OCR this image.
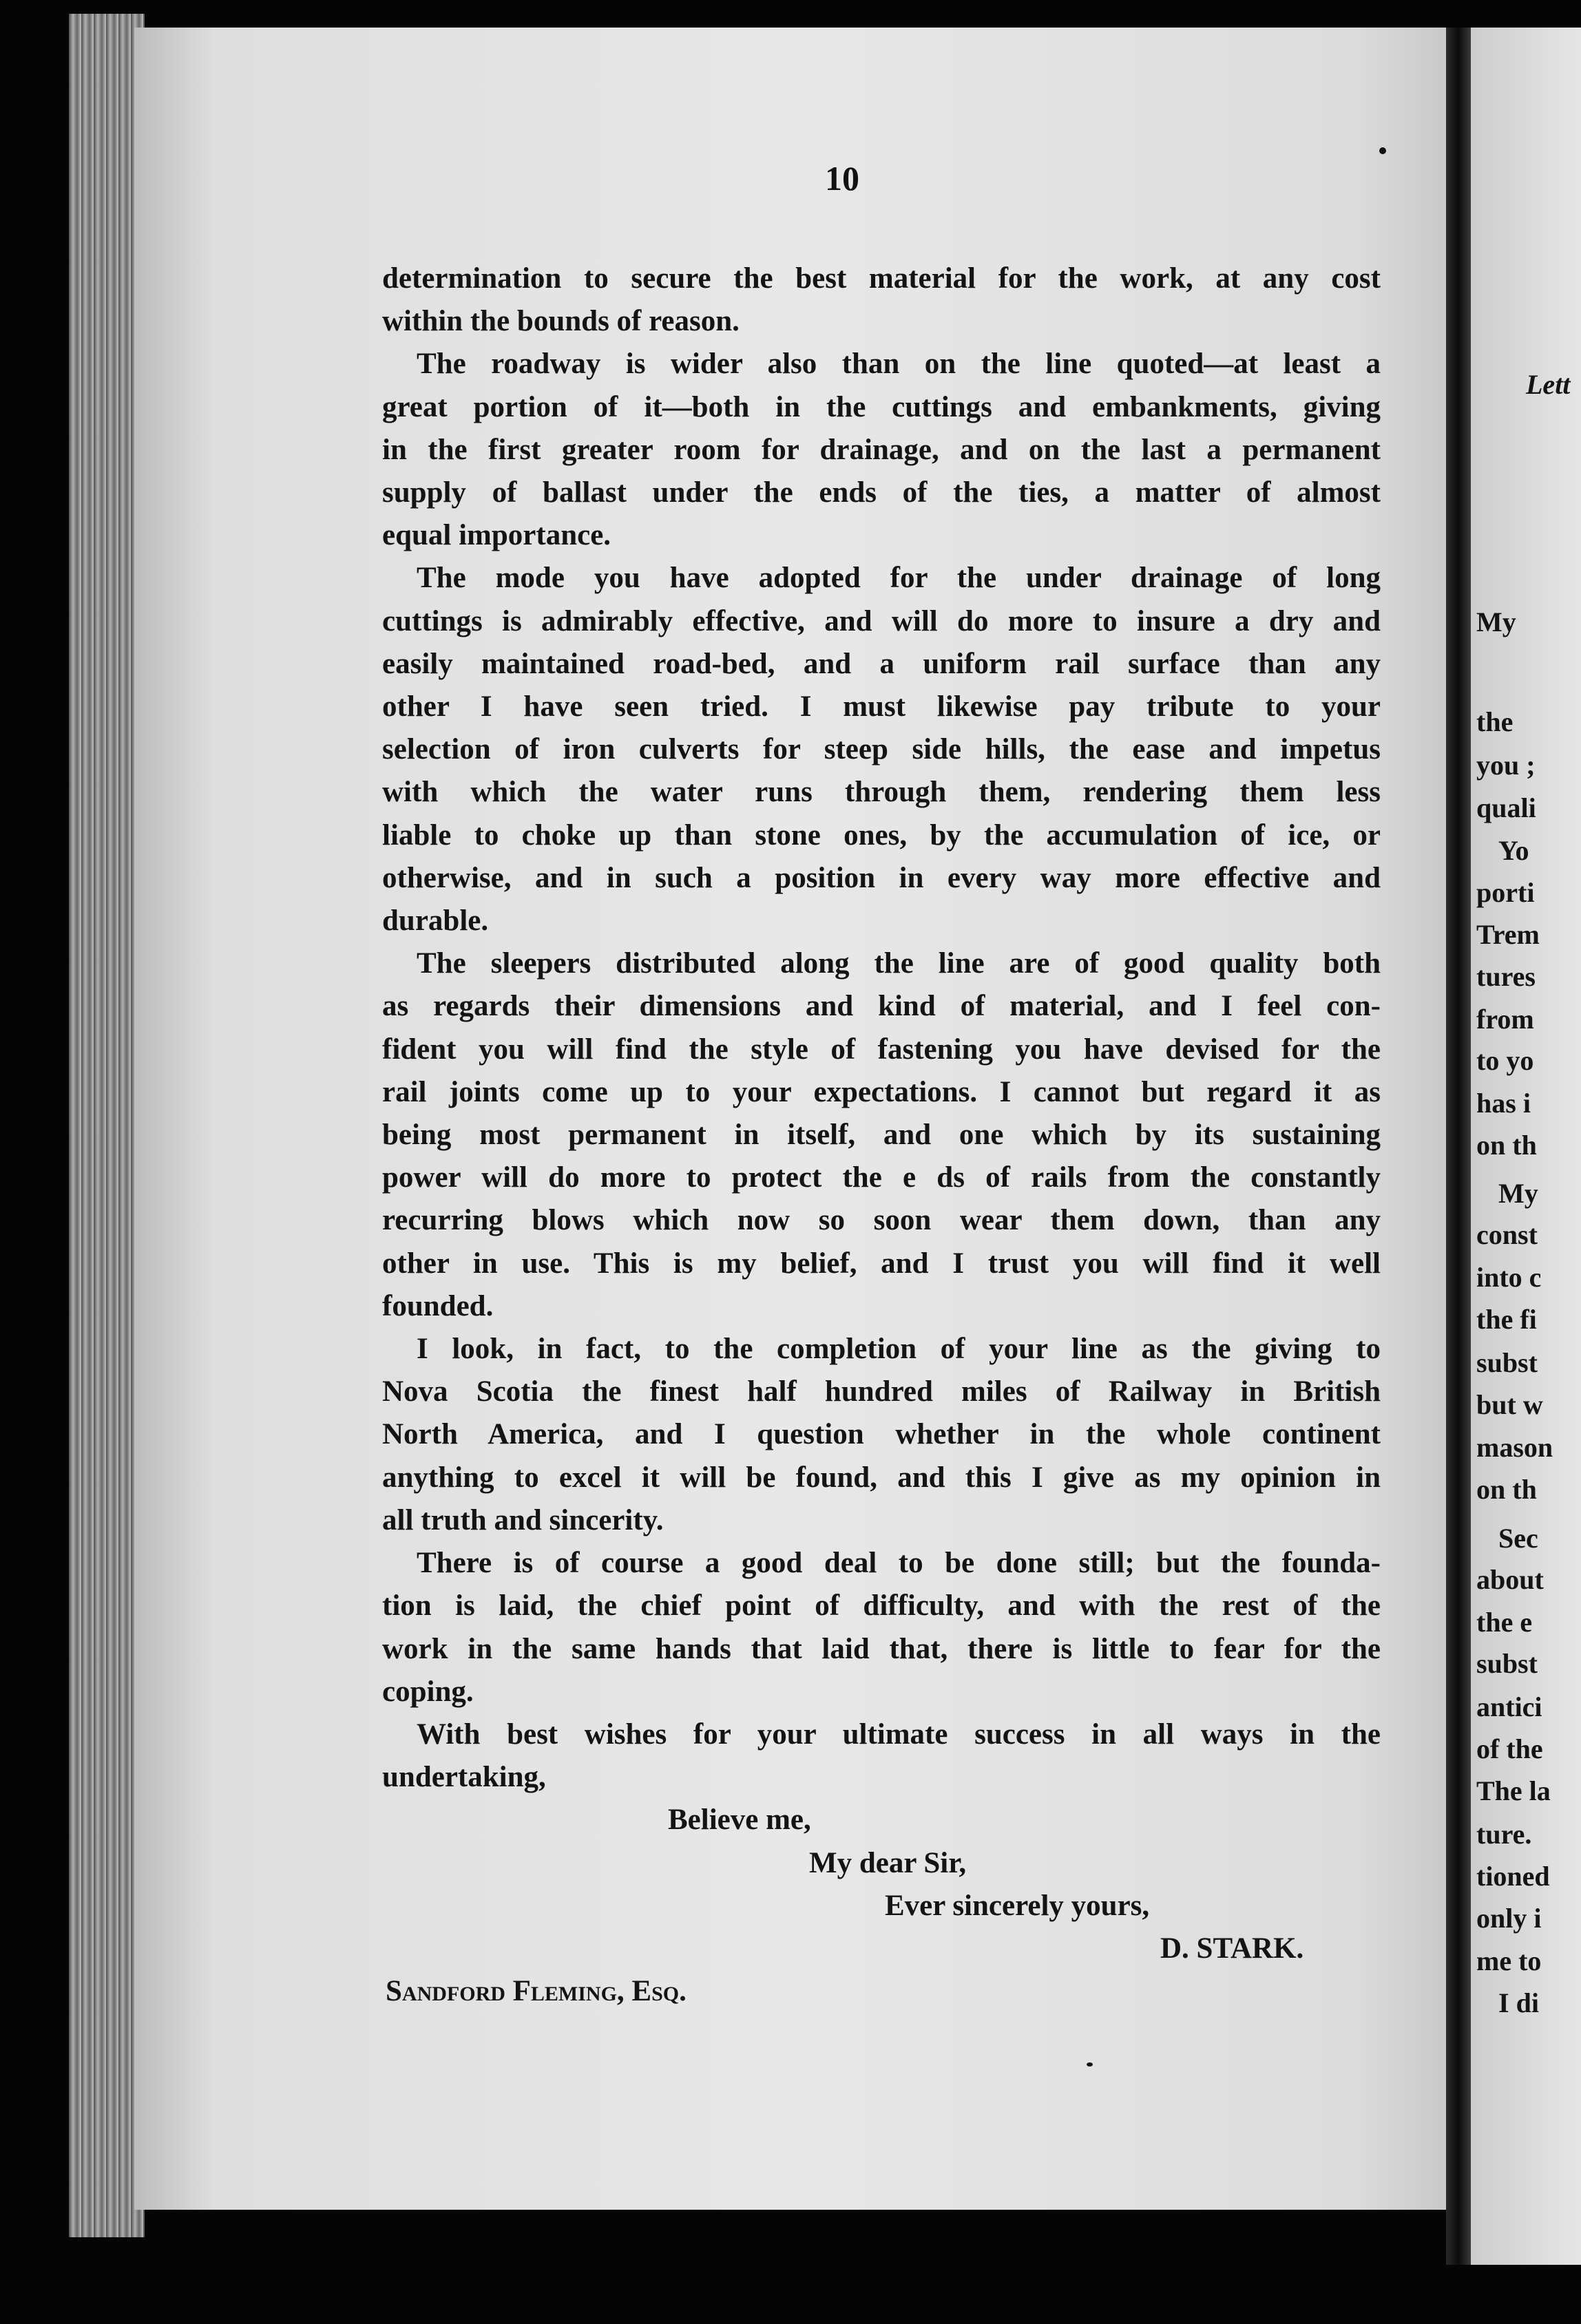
Lett
My
the
you ;
quali
Yo
porti
Trem
tures
from
to yo
has i
on th
My
const
into c
the fi
subst
but w
mason
on th
Sec
about
the e
subst
antici
of the
The la
ture.
tioned
only i
me to
I di
10
determination to secure the best material for the work, at any cost
within the bounds of reason.
The roadway is wider also than on the line quoted—at least a
great portion of it—both in the cuttings and embankments, giving
in the first greater room for drainage, and on the last a permanent
supply of ballast under the ends of the ties, a matter of almost
equal importance.
The mode you have adopted for the under drainage of long
cuttings is admirably effective, and will do more to insure a dry and
easily maintained road-bed, and a uniform rail surface than any
other I have seen tried. I must likewise pay tribute to your
selection of iron culverts for steep side hills, the ease and impetus
with which the water runs through them, rendering them less
liable to choke up than stone ones, by the accumulation of ice, or
otherwise, and in such a position in every way more effective and
durable.
The sleepers distributed along the line are of good quality both
as regards their dimensions and kind of material, and I feel con-
fident you will find the style of fastening you have devised for the
rail joints come up to your expectations. I cannot but regard it as
being most permanent in itself, and one which by its sustaining
power will do more to protect the e ds of rails from the constantly
recurring blows which now so soon wear them down, than any
other in use. This is my belief, and I trust you will find it well
founded.
I look, in fact, to the completion of your line as the giving to
Nova Scotia the finest half hundred miles of Railway in British
North America, and I question whether in the whole continent
anything to excel it will be found, and this I give as my opinion in
all truth and sincerity.
There is of course a good deal to be done still; but the founda-
tion is laid, the chief point of difficulty, and with the rest of the
work in the same hands that laid that, there is little to fear for the
coping.
With best wishes for your ultimate success in all ways in the
undertaking,
Believe me,
My dear Sir,
Ever sincerely yours,
D. STARK.
Sandford Fleming, Esq.
